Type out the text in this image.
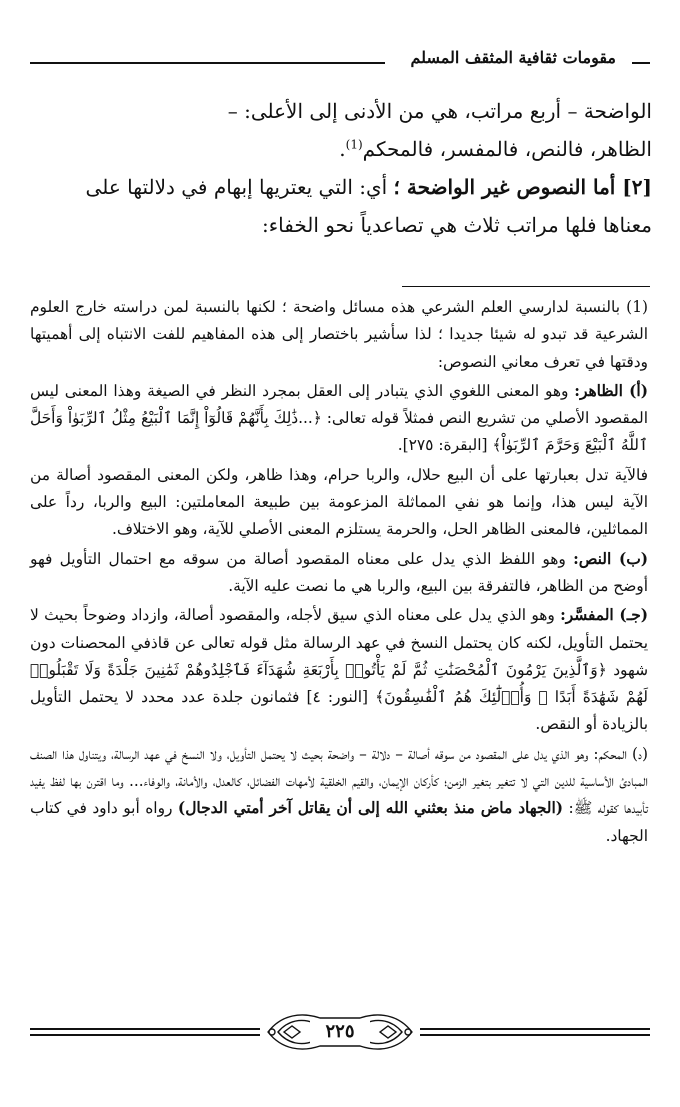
مقومات ثقافية المثقف المسلم

الواضحة – أربع مراتب، هي من الأدنى إلى الأعلى: –

الظاهر، فالنص، فالمفسر، فالمحكم$^{(1)}$.

[٢] أما النصوص غير الواضحة ؛ أي: التي يعتريها إبهام في دلالتها على

معناها فلها مراتب ثلاث هي تصاعدياً نحو الخفاء:

(1) بالنسبة لدارسي العلم الشرعي هذه مسائل واضحة ؛ لكنها بالنسبة لمن دراسته خارج العلوم الشرعية قد تبدو له شيئا جديدا ؛ لذا سأشير باختصار إلى هذه المفاهيم للفت الانتباه إلى أهميتها ودقتها في تعرف معاني النصوص:

(أ) الظاهر: وهو المعنى اللغوي الذي يتبادر إلى العقل بمجرد النظر في الصيغة وهذا المعنى ليس المقصود الأصلي من تشريع النص فمثلاً قوله تعالى: ﴿...ذَٰلِكَ بِأَنَّهُمْ قَالُوٓاْ إِنَّمَا ٱلْبَيْعُ مِثْلُ ٱلرِّبَوٰاْ وَأَحَلَّ ٱللَّهُ ٱلْبَيْعَ وَحَرَّمَ ٱلرِّبَوٰاْ﴾ [البقرة: ٢٧٥].

فالآية تدل بعبارتها على أن البيع حلال، والربا حرام، وهذا ظاهر، ولكن المعنى المقصود أصالة من الآية ليس هذا، وإنما هو نفي المماثلة المزعومة بين طبيعة المعاملتين: البيع والربا، رداً على المماثلين، فالمعنى الظاهر الحل، والحرمة يستلزم المعنى الأصلي للآية، وهو الاختلاف.

(ب) النص: وهو اللفظ الذي يدل على معناه المقصود أصالة من سوقه مع احتمال التأويل فهو أوضح من الظاهر، فالتفرقة بين البيع، والربا هي ما نصت عليه الآية.

(جـ) المفسَّر: وهو الذي يدل على معناه الذي سيق لأجله، والمقصود أصالة، وازداد وضوحاً بحيث لا يحتمل التأويل، لكنه كان يحتمل النسخ في عهد الرسالة مثل قوله تعالى عن قاذفي المحصنات دون شهود ﴿وَٱلَّذِينَ يَرْمُونَ ٱلْمُحْصَنَٰتِ ثُمَّ لَمْ يَأْتُوا۟ بِأَرْبَعَةِ شُهَدَآءَ فَٱجْلِدُوهُمْ ثَمَٰنِينَ جَلْدَةً وَلَا تَقْبَلُوا۟ لَهُمْ شَهَٰدَةً أَبَدًا ۚ وَأُو۟لَٰٓئِكَ هُمُ ٱلْفَٰسِقُونَ﴾ [النور: ٤] فثمانون جلدة عدد محدد لا يحتمل التأويل بالزيادة أو النقص.

(د) المحكم: وهو الذي يدل على المقصود من سوقه أصالة – دلالة – واضحة بحيث لا يحتمل التأويل، ولا النسخ في عهد الرسالة، ويتناول هذا الصنف المبادئ الأساسية للدين التي لا تتغير بتغير الزمن؛ كأركان الإيمان، والقيم الخلقية لأمهات الفضائل، كالعدل، والأمانة، والوفاء... وما اقترن بها لفظ يفيد تأبيدها كقوله ﷺ: (الجهاد ماض منذ بعثني الله إلى أن يقاتل آخر أمتي الدجال) رواه أبو داود في كتاب الجهاد.

٢٢٥
